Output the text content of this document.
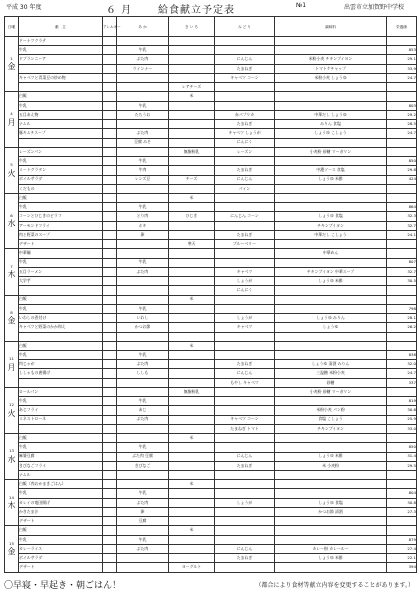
平成 30 年度	６ 月	給食献立予定表	№1	出雲市立加賀野中学校
日曜	献　立	アレルギー	あ か	き い ろ	み ど り	調味料	栄養価

1
金	ドーナツクラテ						
	牛乳		牛乳				853
	ドブランニーア		ぶた肉		にんじん	米粉小麦 チキンブイヨン	29.1
			ウインナー		たまねぎ	トマトケチャップ	33.9
	キャベツと青菜豆の炒め物				キャベツ コーン	米粉小麦 しょうゆ	24.7
				レアチーズ			

4
月	白飯			米			
	牛乳		牛乳				803
	五目あえ物		たちうお		赤パプリカ	中華だし しょうゆ	29.2
	ナムル				たまねぎ	みりん 食塩	28.5
	豚キムチスープ		ぶた肉		キャベツ しょうが	しょうゆ こしょう	24.7
			豆腐 みそ		にんにく		

5
火	レーズンパン			無脂粉乳	レーズン	小麦粉 砂糖 マーガリン	
	牛乳		牛乳				850
	ミートグラタン		牛肉		たまねぎ	中濃ソース 食塩	29.8
	ボイルサラダ		レンズ豆	チーズ	にんじん	しょうゆ 米酢	424
	くだもの				パイン		

6
水	白飯			米			
	牛乳		牛乳				864
	コーンとひじきのピラフ		とり肉	ひじき	にんじん コーン	しょうゆ 食塩	32.3
	アーモンドフライ		ホキ			チキンブイヨン	32.7
	肉と野菜のスープ		卵		たまねぎ	中華だし こしょう	24.1
	デザート			寒天	ブルーベリー		

7
木	中華麺					中華めん	
	牛乳		牛乳				807
	五目ラーメン		ぶた肉		キャベツ	チキンブイヨン 中華スープ	32.7
	大学芋				しょうが	しょうゆ 米酢	30.5
					にんにく		

8
金	白飯			米			
	牛乳		牛乳				798
	いわしの煮付け		いわし		しょうが	しょうゆ みりん	28.1
	キャベツと野菜のかか和え		かつお節		キャベツ	しょうゆ	26.2

11
月	白飯			米			
	牛乳		牛乳				838
	肉じゃが		ぶた肉		たまねぎ	しょうゆ 清酒 みりん	32.0
	ししゃもの唐揚げ		ししも		にんじん	三温糖 米粉小麦	24.7
					もやし キャベツ	砂糖	337

12
火	ロールパン			無脂粉乳		小麦粉 砂糖 マーガリン	
	牛乳		牛乳				819
	あじフライ		あじ			米粉小麦 パン粉	30.6
	ミネストローネ		ぶた肉		キャベツ コーン	食塩 こしょう	25.9
					たまねぎ トマト	チキンブイヨン	33.0

13
水	白飯			米			
	牛乳		牛乳				850
	麻婆豆腐		ぶた肉 豆腐		にんじん	しょうゆ 米酢	31.4
	きびなごフライ		きびなご		たまねぎ	米 小麦粉	29.5
	ナムル						

14
木	白飯（肉おかまきごはん）			米			
	牛乳		牛乳				804
	カレイの竜田揚げ		ぶた肉		しょうが	しょうゆ 食塩	30.8
	かきたま汁		卵			かつお節 清酒	27.3
	デザート		豆腐				

15
金	白飯			米			
	牛乳		牛乳				879
	カレーライス		ぶた肉		にんじん	カレー粉 カレールー	27.4
	ボイルサラダ				たまねぎ	しょうゆ 米酢	22.1
	デザート			ヨーグルト			394
〇早寝・早起き・朝ごはん！	（都合により食材等献立内容を変更することがあります。）
